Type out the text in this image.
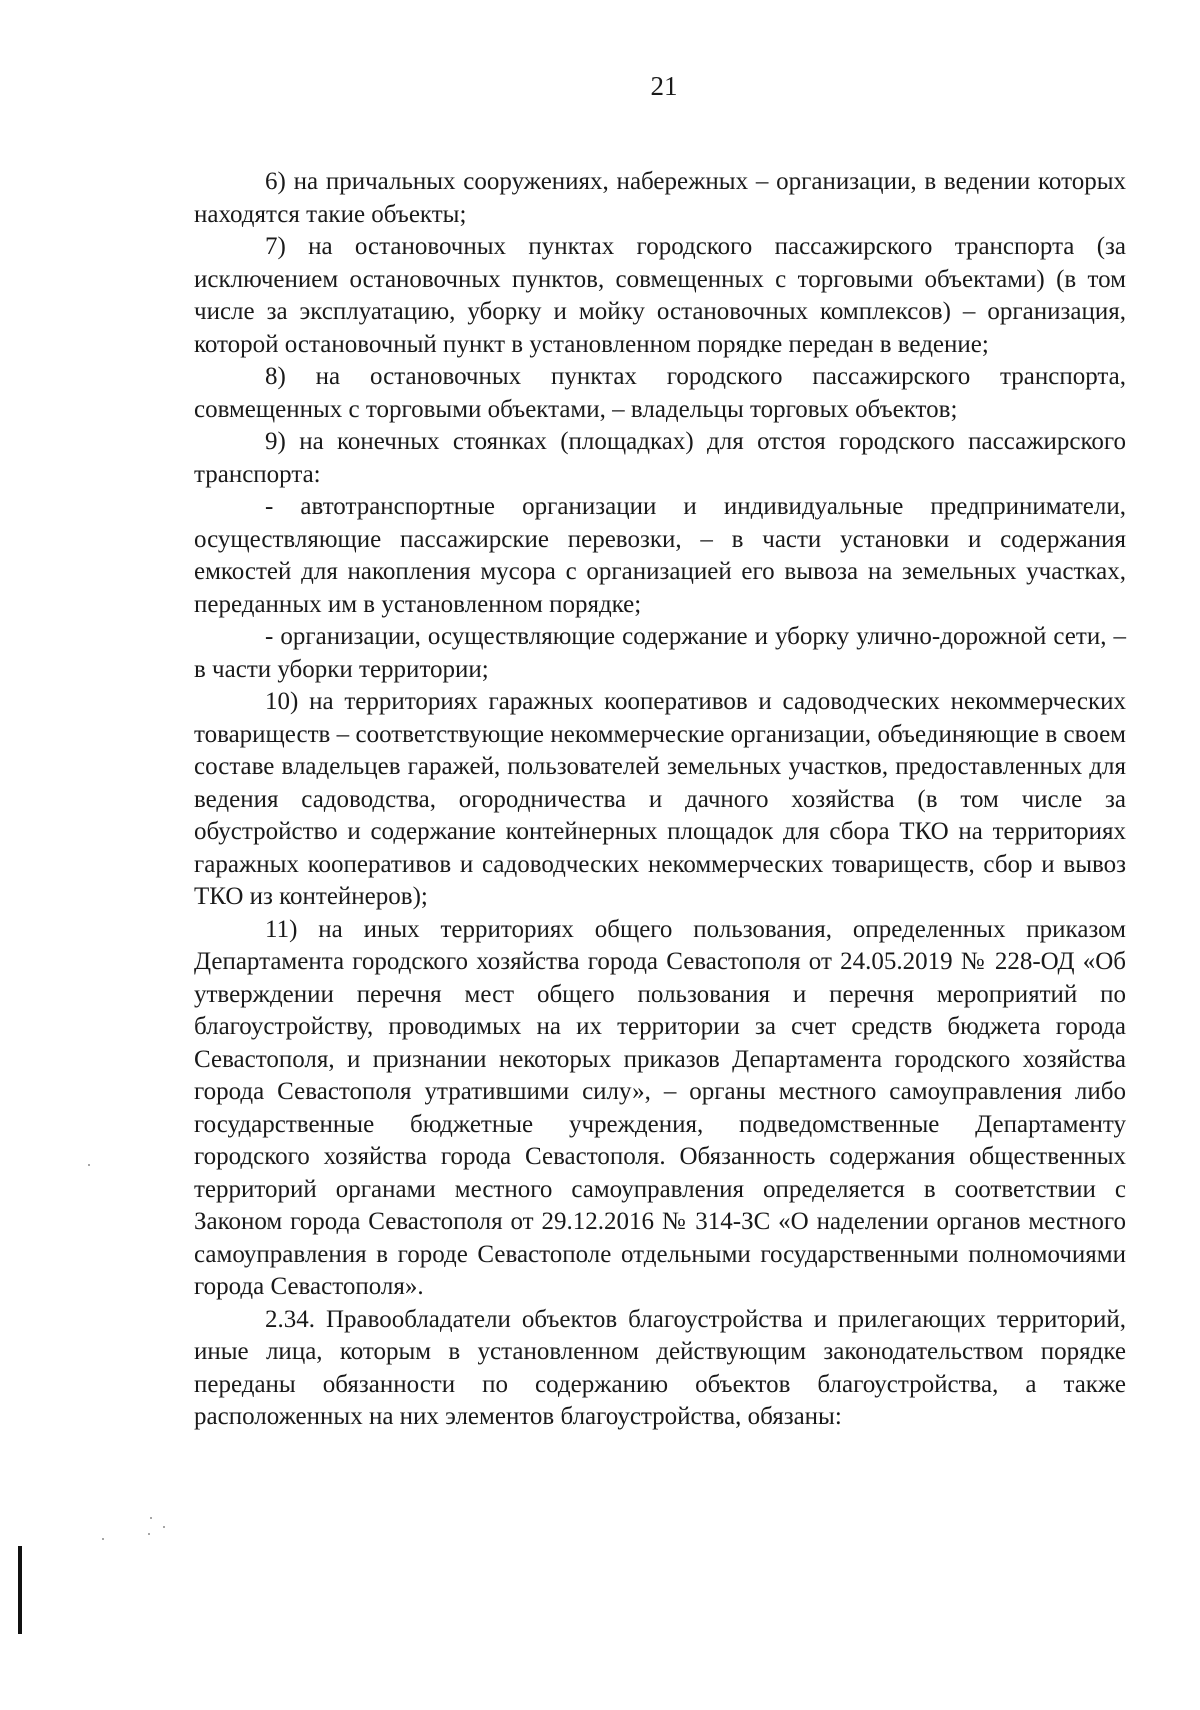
21

6) на причальных сооружениях, набережных – организации, в ведении которых находятся такие объекты;

7) на остановочных пунктах городского пассажирского транспорта (за исключением остановочных пунктов, совмещенных с торговыми объектами) (в том числе за эксплуатацию, уборку и мойку остановочных комплексов) – организация, которой остановочный пункт в установленном порядке передан в ведение;

8) на остановочных пунктах городского пассажирского транспорта, совмещенных с торговыми объектами, – владельцы торговых объектов;

9) на конечных стоянках (площадках) для отстоя городского пассажирского транспорта:

- автотранспортные организации и индивидуальные предприниматели, осуществляющие пассажирские перевозки, – в части установки и содержания емкостей для накопления мусора с организацией его вывоза на земельных участках, переданных им в установленном порядке;

- организации, осуществляющие содержание и уборку улично-дорожной сети, – в части уборки территории;

10) на территориях гаражных кооперативов и садоводческих некоммерческих товариществ – соответствующие некоммерческие организации, объединяющие в своем составе владельцев гаражей, пользователей земельных участков, предоставленных для ведения садоводства, огородничества и дачного хозяйства (в том числе за обустройство и содержание контейнерных площадок для сбора ТКО на территориях гаражных кооперативов и садоводческих некоммерческих товариществ, сбор и вывоз ТКО из контейнеров);

11) на иных территориях общего пользования, определенных приказом Департамента городского хозяйства города Севастополя от 24.05.2019 № 228-ОД «Об утверждении перечня мест общего пользования и перечня мероприятий по благоустройству, проводимых на их территории за счет средств бюджета города Севастополя, и признании некоторых приказов Департамента городского хозяйства города Севастополя утратившими силу», – органы местного самоуправления либо государственные бюджетные учреждения, подведомственные Департаменту городского хозяйства города Севастополя. Обязанность содержания общественных территорий органами местного самоуправления определяется в соответствии с Законом города Севастополя от 29.12.2016 № 314-ЗС «О наделении органов местного самоуправления в городе Севастополе отдельными государственными полномочиями города Севастополя».

2.34. Правообладатели объектов благоустройства и прилегающих территорий, иные лица, которым в установленном действующим законодательством порядке переданы обязанности по содержанию объектов благоустройства, а также расположенных на них элементов благоустройства, обязаны:
